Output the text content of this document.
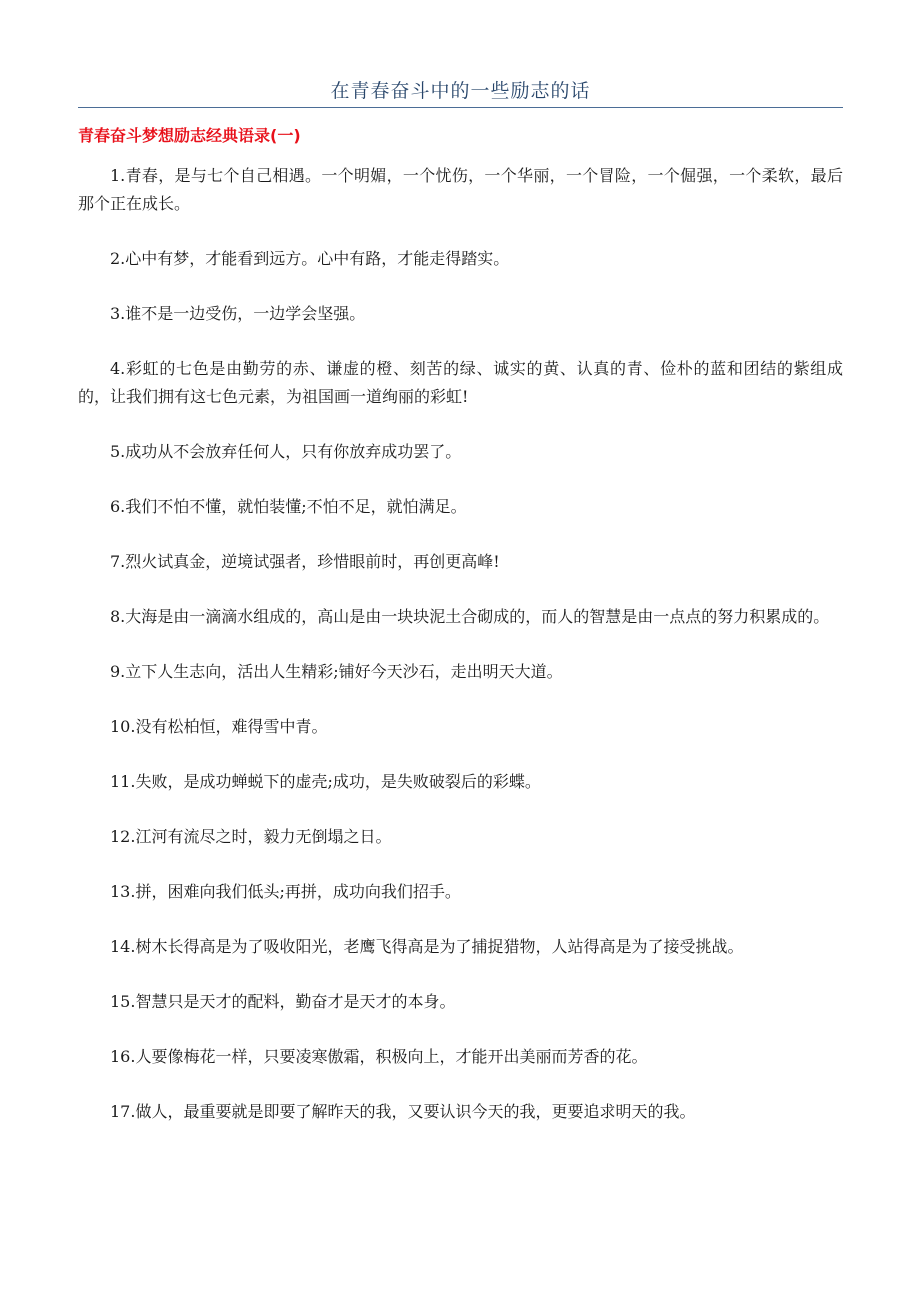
在青春奋斗中的一些励志的话
青春奋斗梦想励志经典语录(一)
1.青春，是与七个自己相遇。一个明媚，一个忧伤，一个华丽，一个冒险，一个倔强，一个柔软，最后那个正在成长。
2.心中有梦，才能看到远方。心中有路，才能走得踏实。
3.谁不是一边受伤，一边学会坚强。
4.彩虹的七色是由勤劳的赤、谦虚的橙、刻苦的绿、诚实的黄、认真的青、俭朴的蓝和团结的紫组成的，让我们拥有这七色元素，为祖国画一道绚丽的彩虹!
5.成功从不会放弃任何人，只有你放弃成功罢了。
6.我们不怕不懂，就怕装懂;不怕不足，就怕满足。
7.烈火试真金，逆境试强者，珍惜眼前时，再创更高峰!
8.大海是由一滴滴水组成的，高山是由一块块泥土合砌成的，而人的智慧是由一点点的努力积累成的。
9.立下人生志向，活出人生精彩;铺好今天沙石，走出明天大道。
10.没有松柏恒，难得雪中青。
11.失败，是成功蝉蜕下的虚壳;成功，是失败破裂后的彩蝶。
12.江河有流尽之时，毅力无倒塌之日。
13.拼，困难向我们低头;再拼，成功向我们招手。
14.树木长得高是为了吸收阳光，老鹰飞得高是为了捕捉猎物，人站得高是为了接受挑战。
15.智慧只是天才的配料，勤奋才是天才的本身。
16.人要像梅花一样，只要凌寒傲霜，积极向上，才能开出美丽而芳香的花。
17.做人，最重要就是即要了解昨天的我，又要认识今天的我，更要追求明天的我。
